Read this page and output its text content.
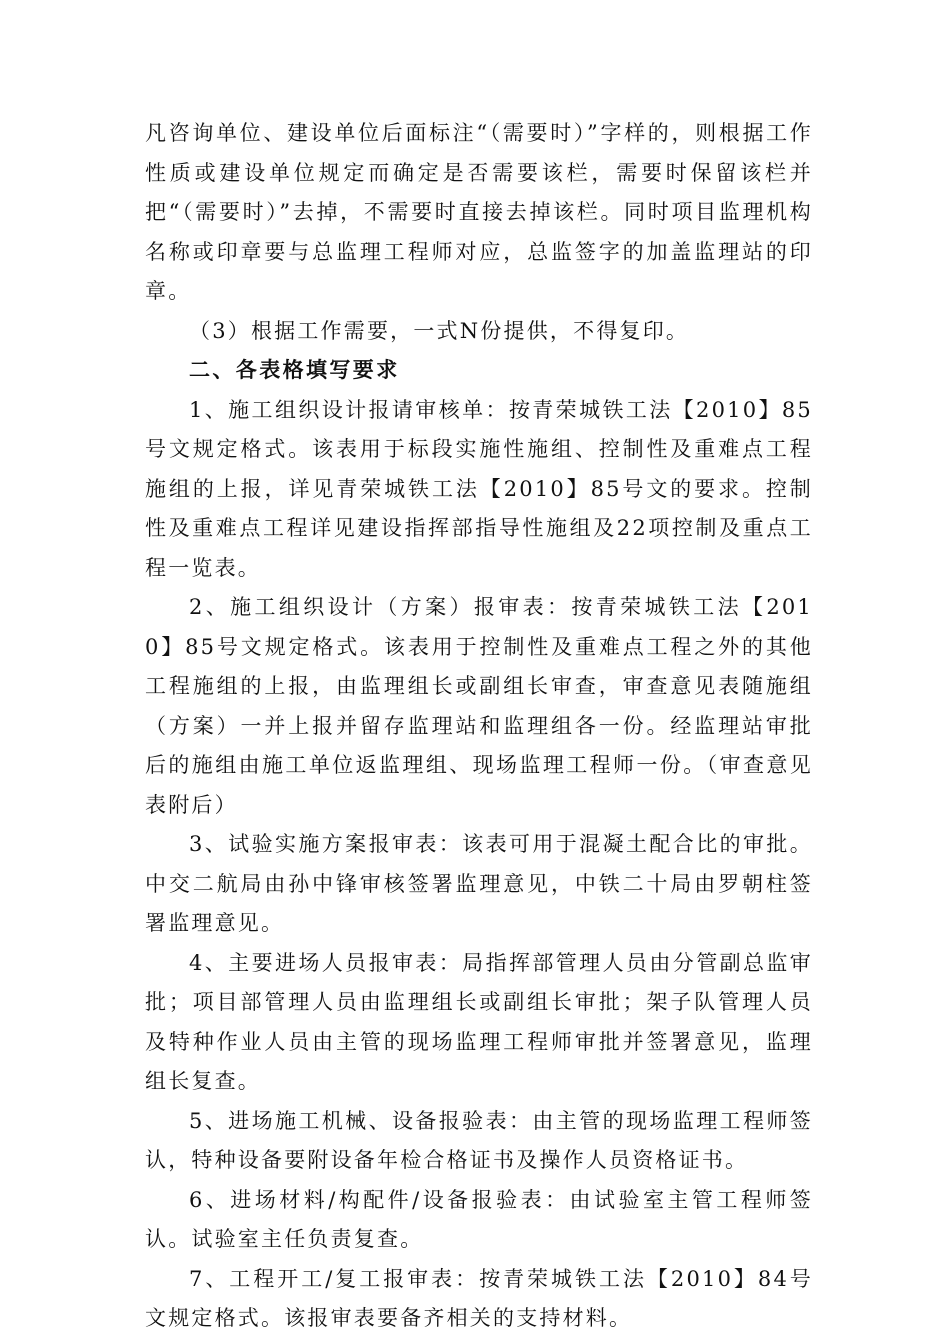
凡咨询单位、建设单位后面标注“（需要时）”字样的，则根据工作性质或建设单位规定而确定是否需要该栏，需要时保留该栏并把“（需要时）”去掉，不需要时直接去掉该栏。同时项目监理机构名称或印章要与总监理工程师对应，总监签字的加盖监理站的印章。

（3）根据工作需要，一式N份提供，不得复印。

二、各表格填写要求

1、施工组织设计报请审核单：按青荣城铁工法【2010】85号文规定格式。该表用于标段实施性施组、控制性及重难点工程施组的上报，详见青荣城铁工法【2010】85号文的要求。控制性及重难点工程详见建设指挥部指导性施组及22项控制及重点工程一览表。

2、施工组织设计（方案）报审表：按青荣城铁工法【2010】85号文规定格式。该表用于控制性及重难点工程之外的其他工程施组的上报，由监理组长或副组长审查，审查意见表随施组（方案）一并上报并留存监理站和监理组各一份。经监理站审批后的施组由施工单位返监理组、现场监理工程师一份。（审查意见表附后）

3、试验实施方案报审表：该表可用于混凝土配合比的审批。中交二航局由孙中锋审核签署监理意见，中铁二十局由罗朝柱签署监理意见。

4、主要进场人员报审表：局指挥部管理人员由分管副总监审批；项目部管理人员由监理组长或副组长审批；架子队管理人员及特种作业人员由主管的现场监理工程师审批并签署意见，监理组长复查。

5、进场施工机械、设备报验表：由主管的现场监理工程师签认，特种设备要附设备年检合格证书及操作人员资格证书。

6、进场材料/构配件/设备报验表：由试验室主管工程师签认。试验室主任负责复查。

7、工程开工/复工报审表：按青荣城铁工法【2010】84号文规定格式。该报审表要备齐相关的支持材料。
